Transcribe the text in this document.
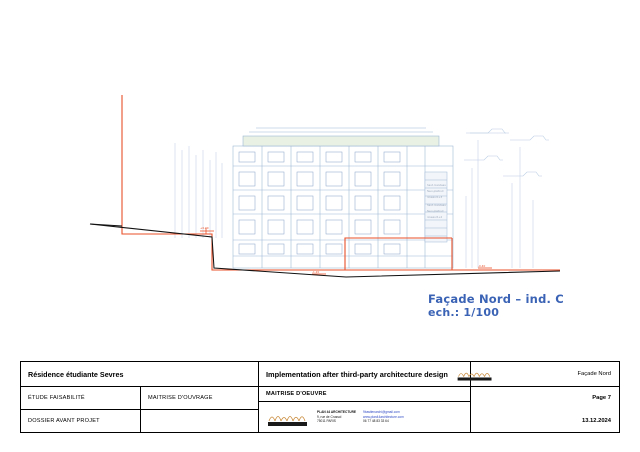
haut. bandeau
faux-plafond
niveau R+3
haut. bandeau
faux-plafond
niveau R+2
+0.00
-1.20
-0.40
Façade Nord – ind. C
ech.: 1/100
Résidence étudiante Sevres
ÉTUDE FAISABILITÉ	MAITRISE D'OUVRAGE
DOSSIER AVANT PROJET
Implementation after third-party architecture design
MAITRISE D'OEUVRE
PLAN 44 ARCHITECTURE
9, rue de Crussol
75011 PARIS
9bastienarchi@gmail.com
www.plan44architecture.com
06 77 48 83 33 64
Façade Nord
Page 7
13.12.2024
